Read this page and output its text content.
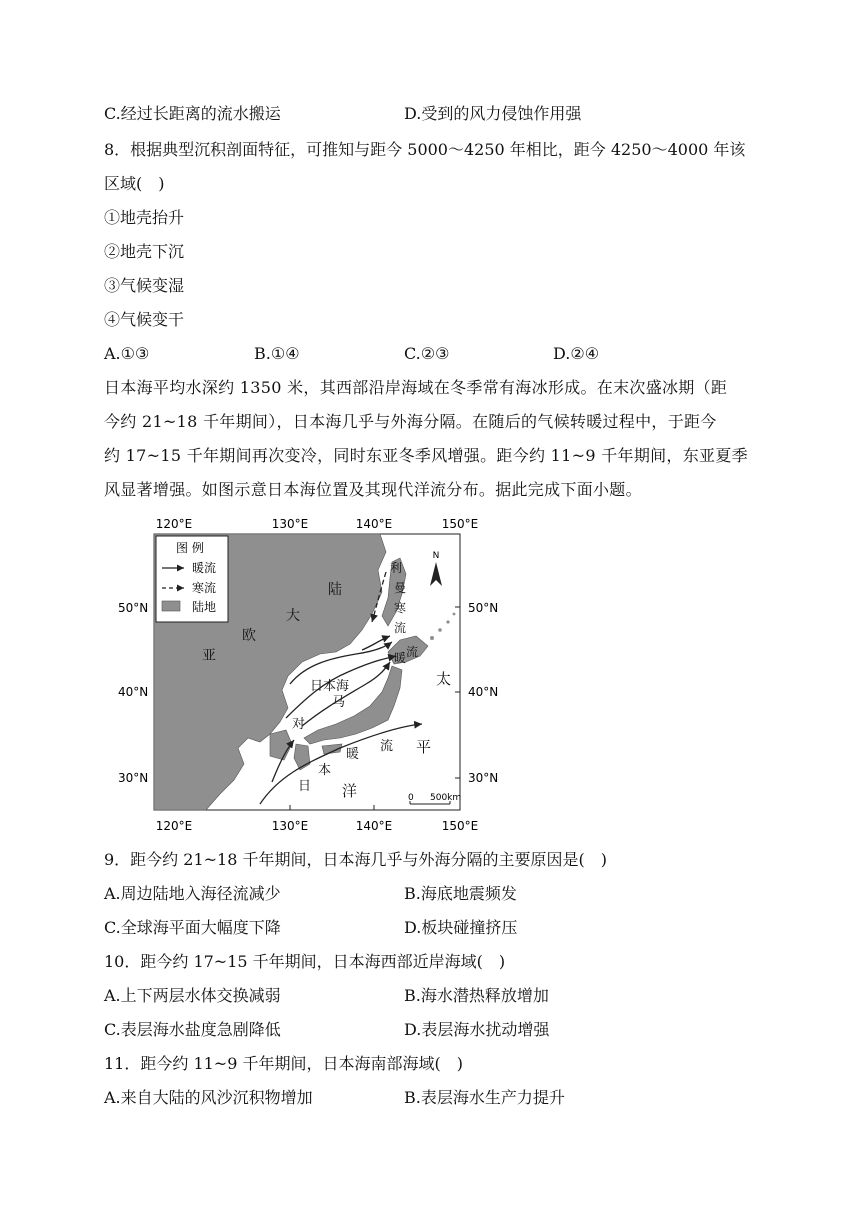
C.经过长距离的流水搬运	D.受到的风力侵蚀作用强
8．根据典型沉积剖面特征，可推知与距今 5000～4250 年相比，距今 4250～4000 年该
区域(　)
①地壳抬升
②地壳下沉
③气候变湿
④气候变干
A.①③	B.①④	C.②③	D.②④
日本海平均水深约 1350 米，其西部沿岸海域在冬季常有海冰形成。在末次盛冰期（距
今约 21~18 千年期间），日本海几乎与外海分隔。在随后的气候转暖过程中，于距今
约 17~15 千年期间再次变冷，同时东亚冬季风增强。距今约 11~9 千年期间，东亚夏季
风显著增强。如图示意日本海位置及其现代洋流分布。据此完成下面小题。
120°E	130°E	140°E	150°E
120°E	130°E	140°E	150°E
50°N
40°N
30°N
50°N
40°N
30°N
图 例
暖流
寒流
陆地
N
0 500km
大
陆
欧
亚
利
曼
寒
流
暖 流
日本海
马
对
太
平
洋
日
本
暖
流
9．距今约 21~18 千年期间，日本海几乎与外海分隔的主要原因是(　)
A.周边陆地入海径流减少	B.海底地震频发
C.全球海平面大幅度下降	D.板块碰撞挤压
10．距今约 17~15 千年期间，日本海西部近岸海域(　)
A.上下两层水体交换减弱	B.海水潜热释放增加
C.表层海水盐度急剧降低	D.表层海水扰动增强
11．距今约 11~9 千年期间，日本海南部海域(　)
A.来自大陆的风沙沉积物增加	B.表层海水生产力提升
